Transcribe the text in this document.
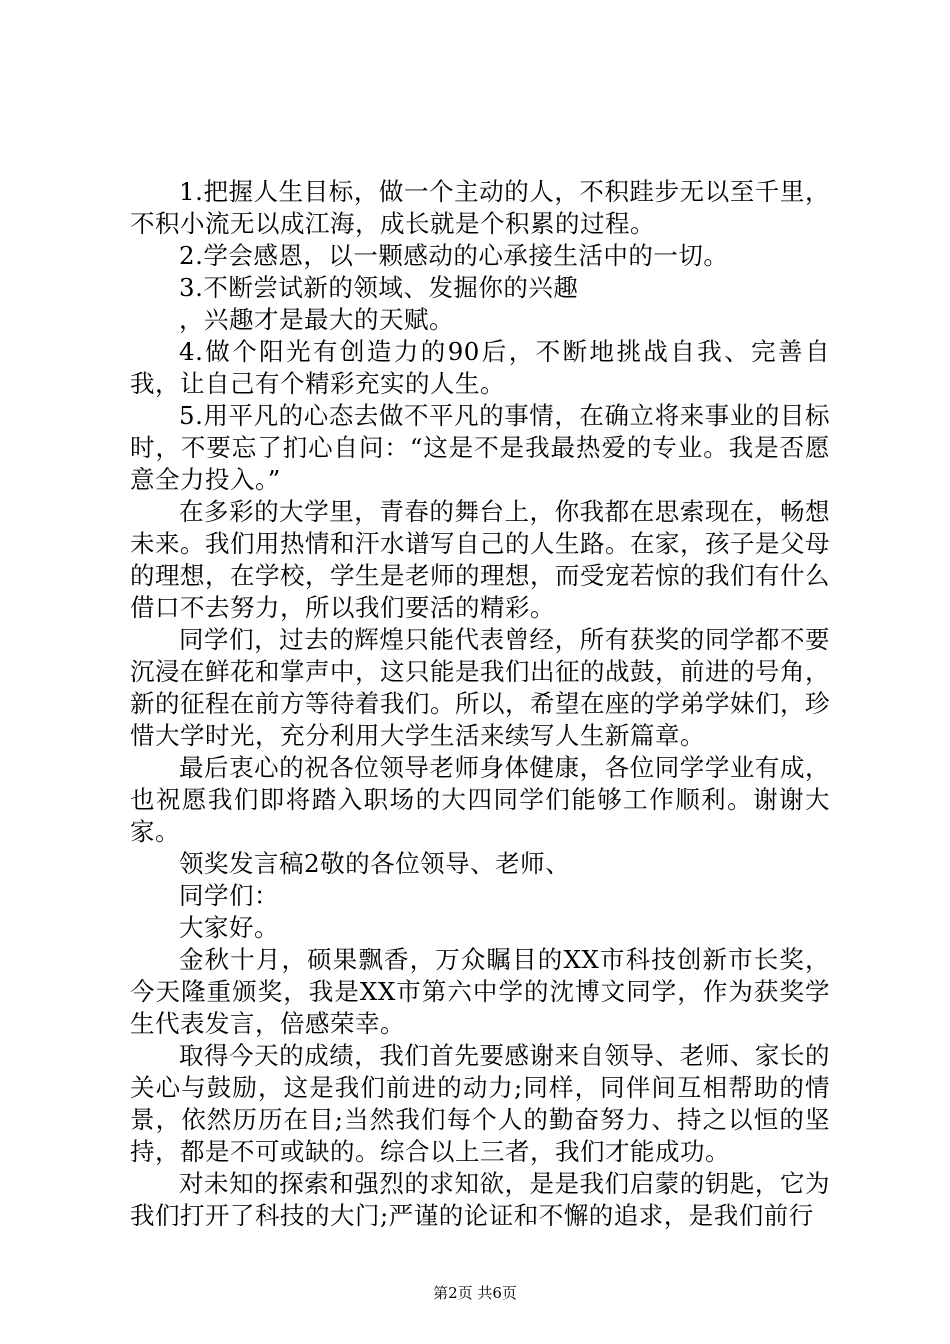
1.把握人生目标，做一个主动的人，不积跬步无以至千里，不积小流无以成江海，成长就是个积累的过程。

2.学会感恩，以一颗感动的心承接生活中的一切。

3.不断尝试新的领域、发掘你的兴趣

，兴趣才是最大的天赋。

4.做个阳光有创造力的90后，不断地挑战自我、完善自我，让自己有个精彩充实的人生。

5.用平凡的心态去做不平凡的事情，在确立将来事业的目标时，不要忘了扪心自问：“这是不是我最热爱的专业。我是否愿意全力投入。”

在多彩的大学里，青春的舞台上，你我都在思索现在，畅想未来。我们用热情和汗水谱写自己的人生路。在家，孩子是父母的理想，在学校，学生是老师的理想，而受宠若惊的我们有什么借口不去努力，所以我们要活的精彩。

同学们，过去的辉煌只能代表曾经，所有获奖的同学都不要沉浸在鲜花和掌声中，这只能是我们出征的战鼓，前进的号角，新的征程在前方等待着我们。所以，希望在座的学弟学妹们，珍惜大学时光，充分利用大学生活来续写人生新篇章。

最后衷心的祝各位领导老师身体健康，各位同学学业有成，也祝愿我们即将踏入职场的大四同学们能够工作顺利。谢谢大家。

领奖发言稿2敬的各位领导、老师、

同学们：

大家好。

金秋十月，硕果飘香，万众瞩目的XX市科技创新市长奖，今天隆重颁奖，我是XX市第六中学的沈博文同学，作为获奖学生代表发言，倍感荣幸。

取得今天的成绩，我们首先要感谢来自领导、老师、家长的关心与鼓励，这是我们前进的动力;同样，同伴间互相帮助的情景，依然历历在目;当然我们每个人的勤奋努力、持之以恒的坚持，都是不可或缺的。综合以上三者，我们才能成功。

对未知的探索和强烈的求知欲，是是我们启蒙的钥匙，它为我们打开了科技的大门;严谨的论证和不懈的追求，是我们前行

第2页 共6页
